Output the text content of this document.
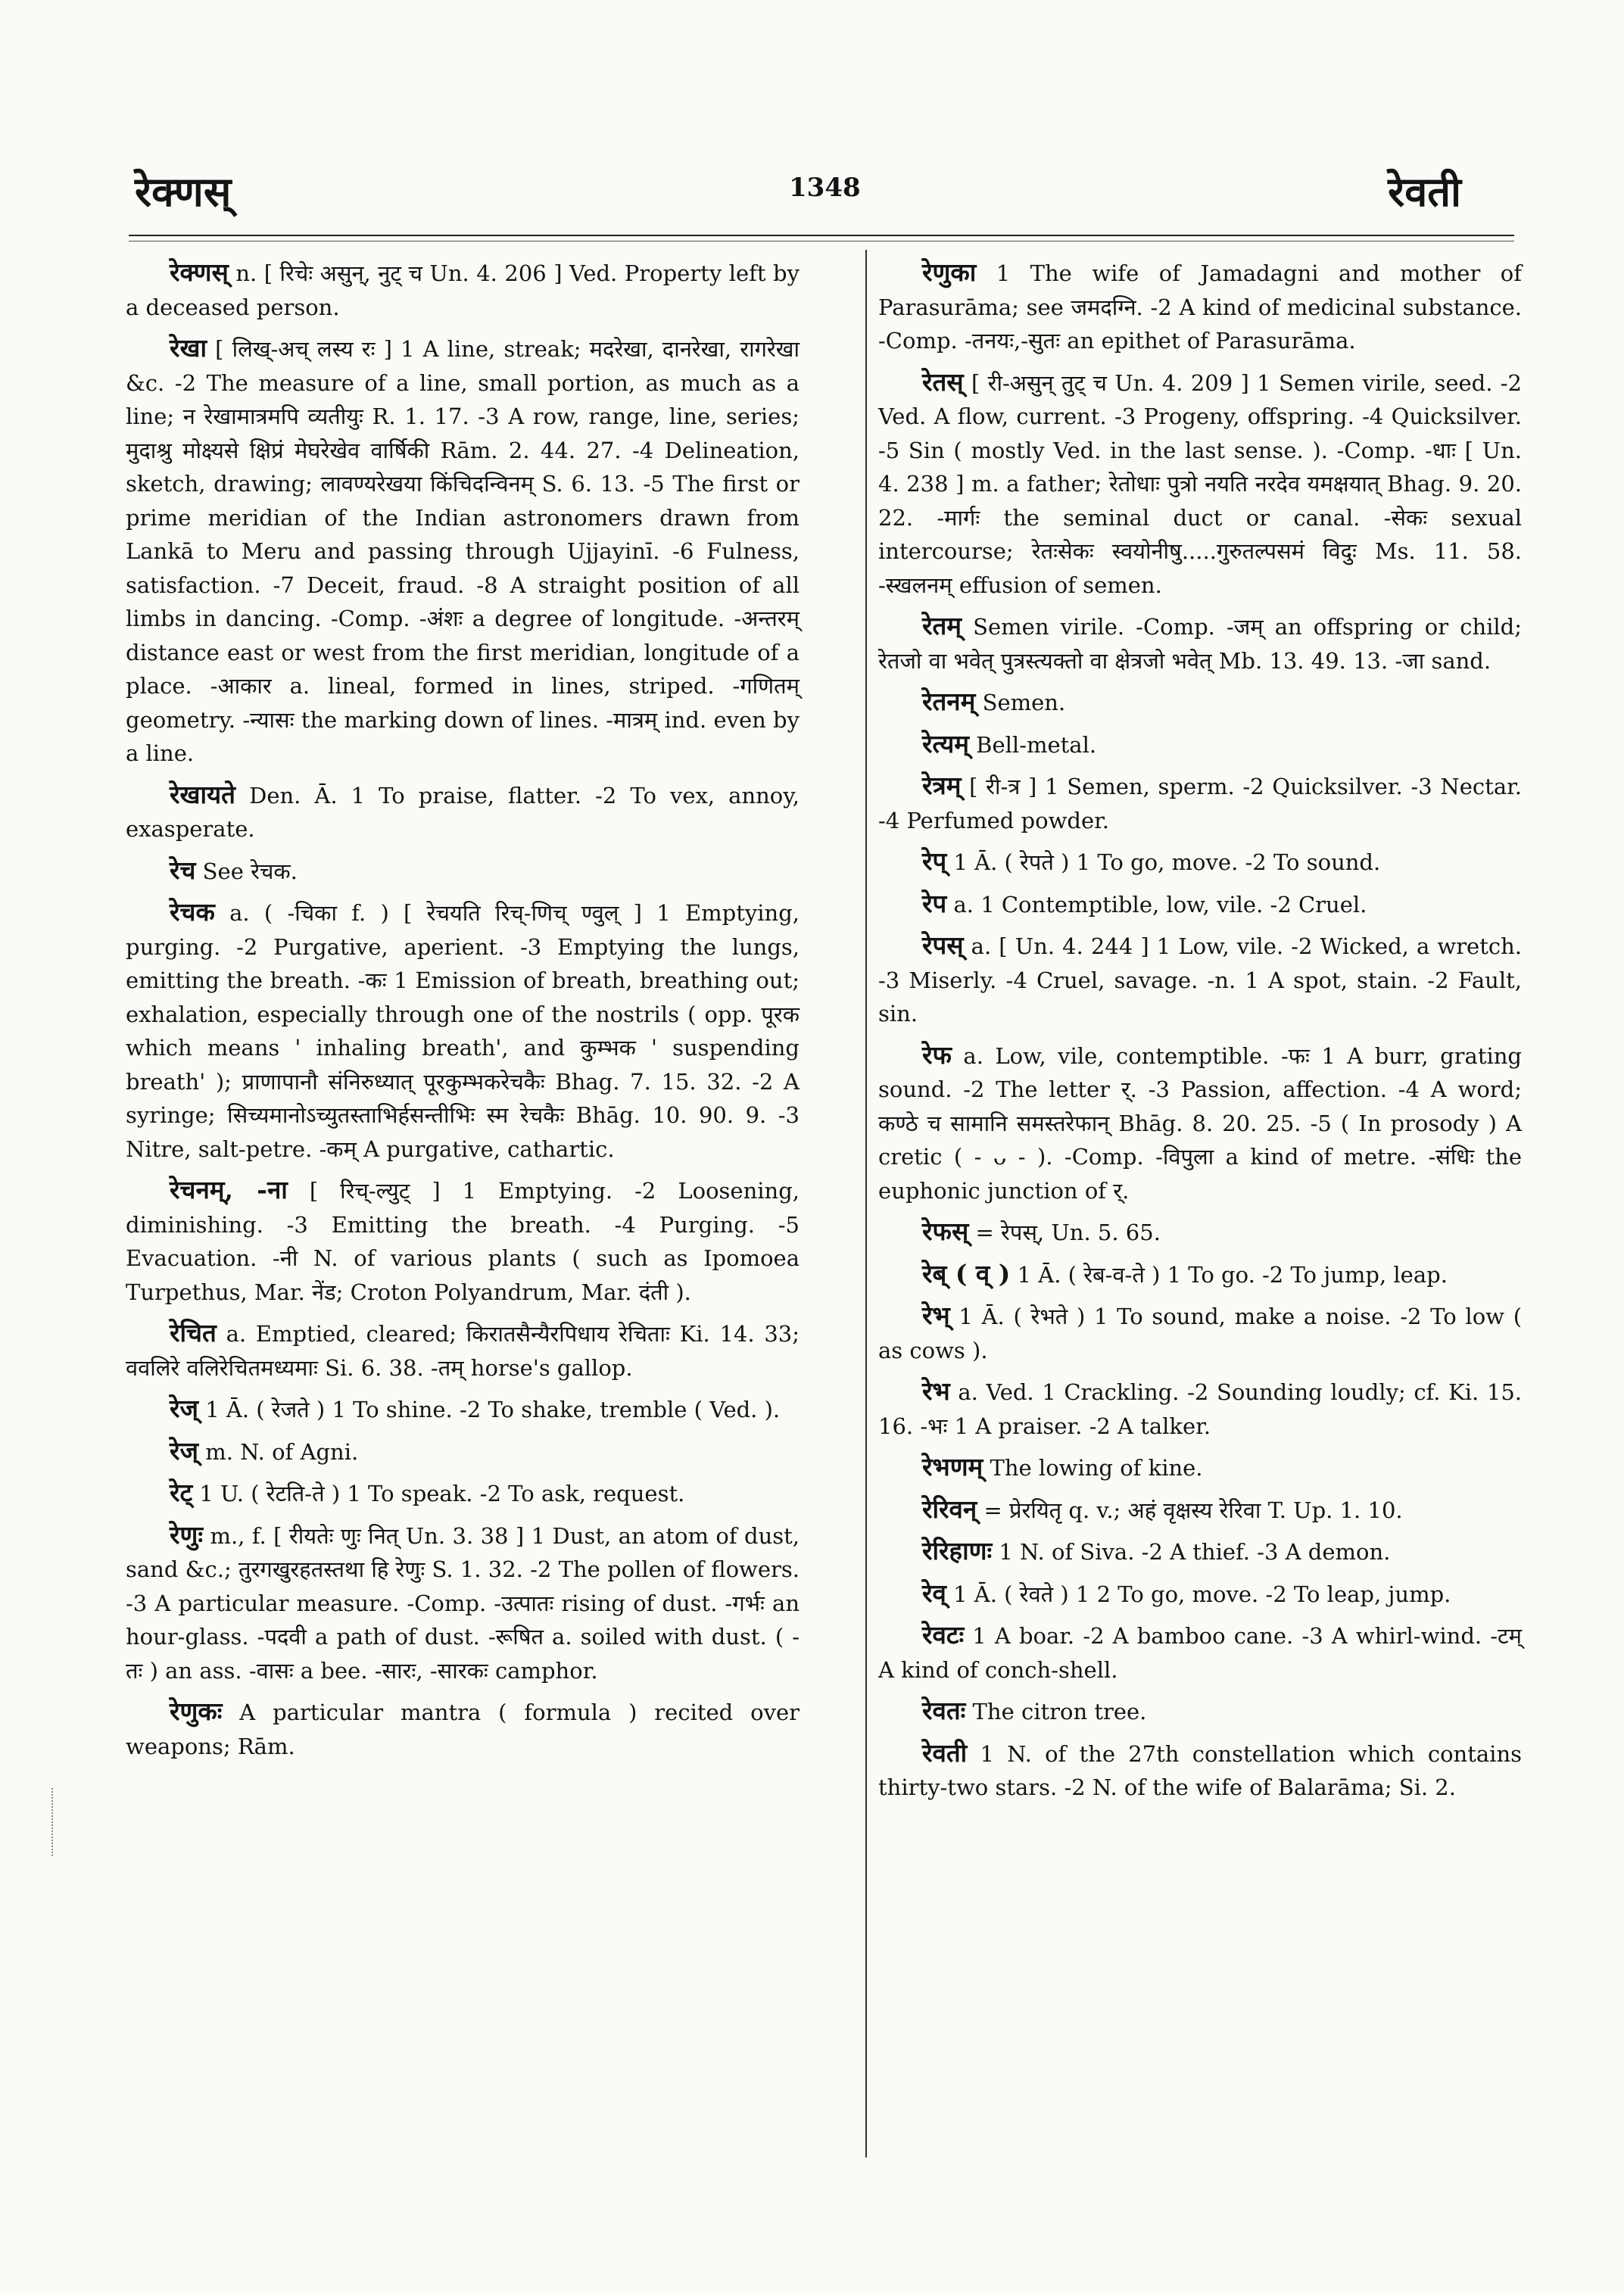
रेक्णस्	1348	रेवती

रेक्णस् n. [ रिचेः असुन्, नुट् च Un. 4. 206 ] Ved. Property left by a deceased person.

रेखा [ लिख्-अच् लस्य रः ] 1 A line, streak; मदरेखा, दानरेखा, रागरेखा &c. -2 The measure of a line, small portion, as much as a line; न रेखामात्रमपि व्यतीयुः R. 1. 17. -3 A row, range, line, series; मुदाश्रु मोक्ष्यसे क्षिप्रं मेघरेखेव वार्षिकी Rām. 2. 44. 27. -4 Delineation, sketch, drawing; लावण्यरेखया किंचिदन्विनम् S. 6. 13. -5 The first or prime meridian of the Indian astronomers drawn from Lankā to Meru and passing through Ujjayinī. -6 Fulness, satisfaction. -7 Deceit, fraud. -8 A straight position of all limbs in dancing. -Comp. -अंशः a degree of longitude. -अन्तरम् distance east or west from the first meridian, longitude of a place. -आकार a. lineal, formed in lines, striped. -गणितम् geometry. -न्यासः the marking down of lines. -मात्रम् ind. even by a line.

रेखायते Den. Ā. 1 To praise, flatter. -2 To vex, annoy, exasperate.

रेच See रेचक.

रेचक a. ( -चिका f. ) [ रेचयति रिच्-णिच् ण्वुल् ] 1 Emptying, purging. -2 Purgative, aperient. -3 Emptying the lungs, emitting the breath. -कः 1 Emission of breath, breathing out; exhalation, especially through one of the nostrils ( opp. पूरक which means ' inhaling breath', and कुम्भक ' suspending breath' ); प्राणापानौ संनिरुध्यात् पूरकुम्भकरेचकैः Bhag. 7. 15. 32. -2 A syringe; सिच्यमानोऽच्युतस्ताभिर्हसन्तीभिः स्म रेचकैः Bhāg. 10. 90. 9. -3 Nitre, salt-petre. -कम् A purgative, cathartic.

रेचनम्, -ना [ रिच्-ल्युट् ] 1 Emptying. -2 Loosening, diminishing. -3 Emitting the breath. -4 Purging. -5 Evacuation. -नी N. of various plants ( such as Ipomoea Turpethus, Mar. नेंड; Croton Polyandrum, Mar. दंती ).

रेचित a. Emptied, cleared; किरातसैन्यैरपिधाय रेचिताः Ki. 14. 33; ववलिरे वलिरेचितमध्यमाः Si. 6. 38. -तम् horse's gallop.

रेज् 1 Ā. ( रेजते ) 1 To shine. -2 To shake, tremble ( Ved. ).

रेज् m. N. of Agni.

रेट् 1 U. ( रेटति-ते ) 1 To speak. -2 To ask, request.

रेणुः m., f. [ रीयतेः णुः नित् Un. 3. 38 ] 1 Dust, an atom of dust, sand &c.; तुरगखुरहतस्तथा हि रेणुः S. 1. 32. -2 The pollen of flowers. -3 A particular measure. -Comp. -उत्पातः rising of dust. -गर्भः an hour-glass. -पदवी a path of dust. -रूषित a. soiled with dust. ( -तः ) an ass. -वासः a bee. -सारः, -सारकः camphor.

रेणुकः A particular mantra ( formula ) recited over weapons; Rām.

रेणुका 1 The wife of Jamadagni and mother of Parasurāma; see जमदग्नि. -2 A kind of medicinal substance. -Comp. -तनयः,-सुतः an epithet of Parasurāma.

रेतस् [ री-असुन् तुट् च Un. 4. 209 ] 1 Semen virile, seed. -2 Ved. A flow, current. -3 Progeny, offspring. -4 Quicksilver. -5 Sin ( mostly Ved. in the last sense. ). -Comp. -धाः [ Un. 4. 238 ] m. a father; रेतोधाः पुत्रो नयति नरदेव यमक्षयात् Bhag. 9. 20. 22. -मार्गः the seminal duct or canal. -सेकः sexual intercourse; रेतःसेकः स्वयोनीषु.....गुरुतल्पसमं विदुः Ms. 11. 58. -स्खलनम् effusion of semen.

रेतम् Semen virile. -Comp. -जम् an offspring or child; रेतजो वा भवेत् पुत्रस्त्यक्तो वा क्षेत्रजो भवेत् Mb. 13. 49. 13. -जा sand.

रेतनम् Semen.

रेत्यम् Bell-metal.

रेत्रम् [ री-त्र ] 1 Semen, sperm. -2 Quicksilver. -3 Nectar. -4 Perfumed powder.

रेप् 1 Ā. ( रेपते ) 1 To go, move. -2 To sound.

रेप a. 1 Contemptible, low, vile. -2 Cruel.

रेपस् a. [ Un. 4. 244 ] 1 Low, vile. -2 Wicked, a wretch. -3 Miserly. -4 Cruel, savage. -n. 1 A spot, stain. -2 Fault, sin.

रेफ a. Low, vile, contemptible. -फः 1 A burr, grating sound. -2 The letter र्. -3 Passion, affection. -4 A word; कण्ठे च सामानि समस्तरेफान् Bhāg. 8. 20. 25. -5 ( In prosody ) A cretic ( - ᴗ - ). -Comp. -विपुला a kind of metre. -संधिः the euphonic junction of र्.

रेफस् = रेपस्, Un. 5. 65.

रेब् ( व् ) 1 Ā. ( रेब-व-ते ) 1 To go. -2 To jump, leap.

रेभ् 1 Ā. ( रेभते ) 1 To sound, make a noise. -2 To low ( as cows ).

रेभ a. Ved. 1 Crackling. -2 Sounding loudly; cf. Ki. 15. 16. -भः 1 A praiser. -2 A talker.

रेभणम् The lowing of kine.

रेरिवन् = प्रेरयितृ q. v.; अहं वृक्षस्य रेरिवा T. Up. 1. 10.

रेरिहाणः 1 N. of Siva. -2 A thief. -3 A demon.

रेव् 1 Ā. ( रेवते ) 1 2 To go, move. -2 To leap, jump.

रेवटः 1 A boar. -2 A bamboo cane. -3 A whirl-wind. -टम् A kind of conch-shell.

रेवतः The citron tree.

रेवती 1 N. of the 27th constellation which contains thirty-two stars. -2 N. of the wife of Balarāma; Si. 2.
